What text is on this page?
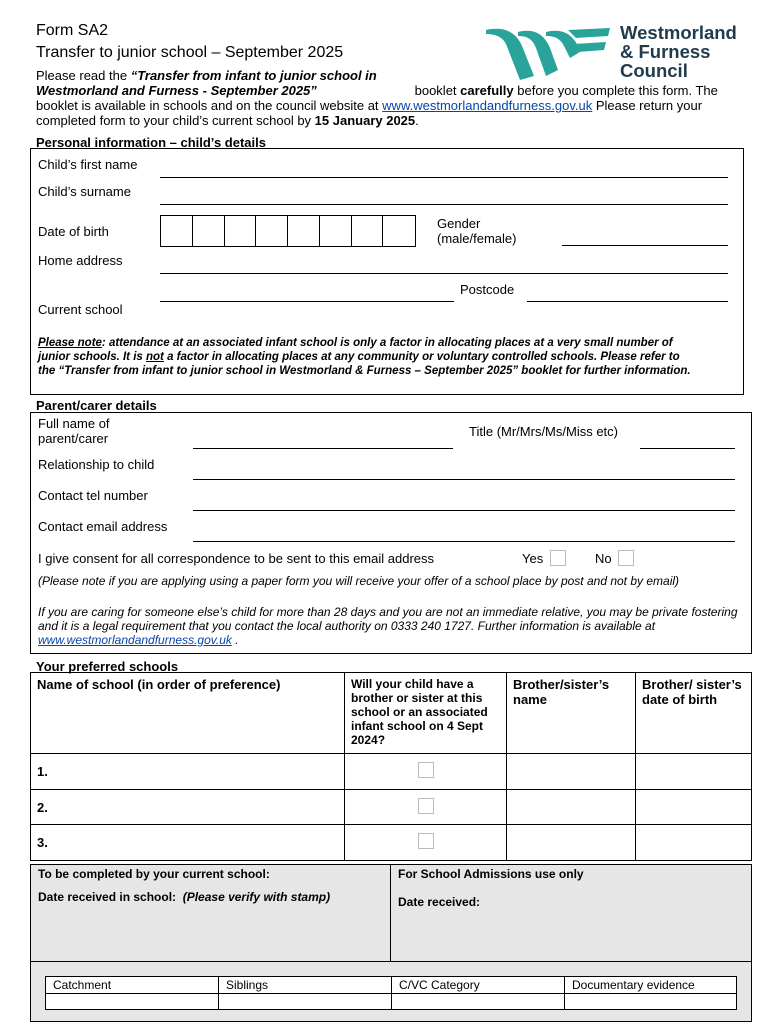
Form SA2
Transfer to junior school – September 2025
Please read the “Transfer from infant to junior school in Westmorland and Furness - September 2025”	booklet carefully before you complete this form. The booklet is available in schools and on the council website at www.westmorlandandfurness.gov.uk Please return your completed form to your child’s current school by 15 January 2025.
Westmorland
& Furness
Council
Personal information – child’s details
Child’s first name
Child’s surname
Date of birth
Gender (male/female)
Home address
Postcode
Current school
Please note: attendance at an associated infant school is only a factor in allocating places at a very small number of junior schools. It is not a factor in allocating places at any community or voluntary controlled schools. Please refer to the “Transfer from infant to junior school in Westmorland & Furness – September 2025” booklet for further information.
Parent/carer details
Full name of parent/carer	Title (Mr/Mrs/Ms/Miss etc)
Relationship to child
Contact tel number
Contact email address
I give consent for all correspondence to be sent to this email address	Yes	No
(Please note if you are applying using a paper form you will receive your offer of a school place by post and not by email)
If you are caring for someone else’s child for more than 28 days and you are not an immediate relative, you may be private fostering and it is a legal requirement that you contact the local authority on 0333 240 1727. Further information is available at www.westmorlandandfurness.gov.uk .
Your preferred schools
Name of school (in order of preference)	Will your child have a brother or sister at this school or an associated infant school on 4 Sept 2024?	Brother/sister’s name	Brother/ sister’s date of birth
1.			
2.			
3.			
To be completed by your current school:
Date received in school: (Please verify with stamp)
For School Admissions use only
Date received:
Catchment	Siblings	C/VC Category	Documentary evidence
